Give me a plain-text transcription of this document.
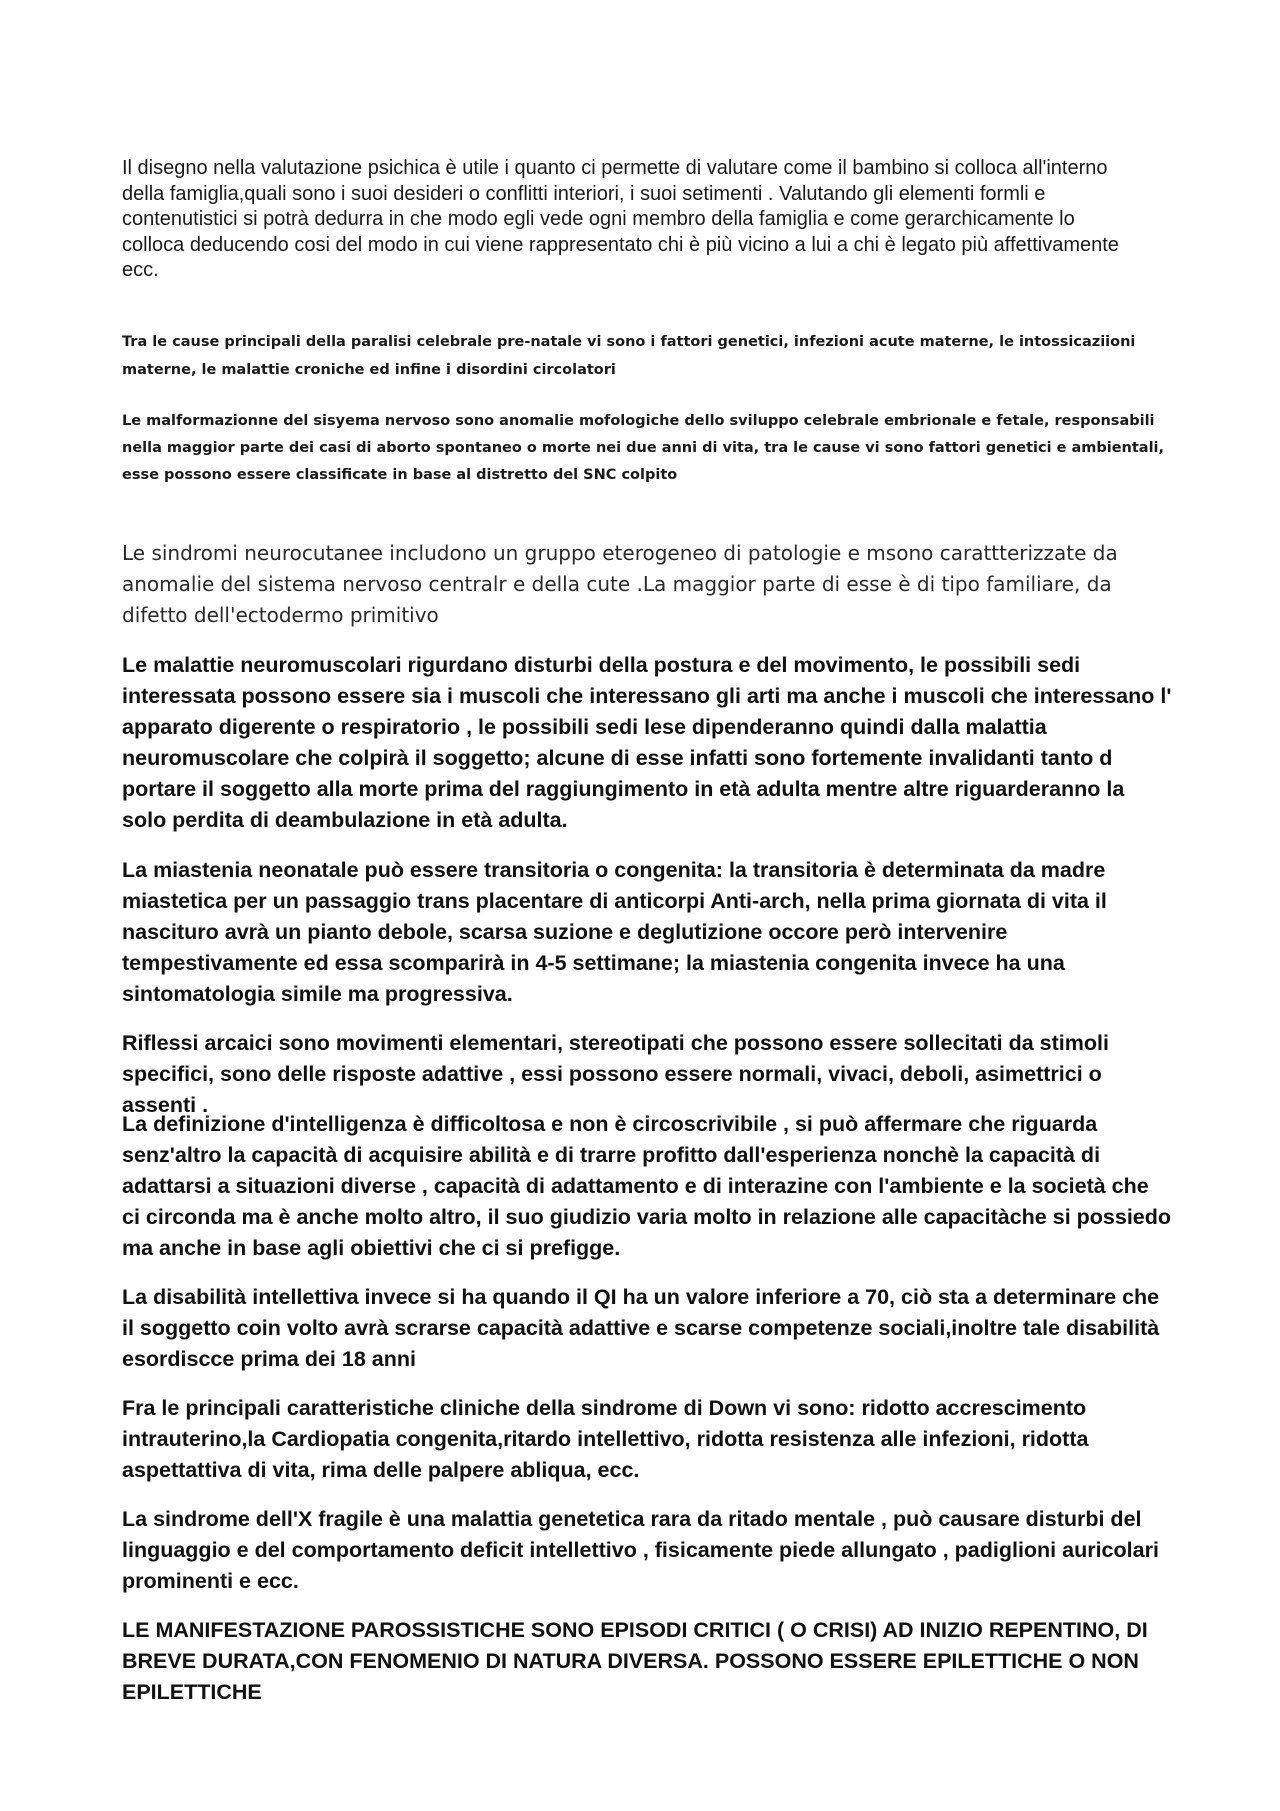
Il disegno nella valutazione psichica è utile i quanto ci permette di valutare come il bambino si colloca all'interno della famiglia,quali sono i suoi desideri o conflitti interiori, i suoi setimenti . Valutando gli elementi formli e contenutistici si potrà dedurra in che modo egli vede ogni membro della famiglia e come gerarchicamente lo colloca deducendo cosi del modo in cui viene rappresentato chi è più vicino a lui a chi è legato più affettivamente ecc.

Tra le cause principali della paralisi celebrale pre-natale vi sono i fattori genetici, infezioni acute materne, le intossicaziioni materne, le malattie croniche ed infine i disordini circolatori

Le malformazionne del sisyema nervoso sono anomalie mofologiche dello sviluppo celebrale embrionale e fetale, responsabili nella maggior parte dei casi di aborto spontaneo o morte nei due anni di vita, tra le cause vi sono fattori genetici e ambientali, esse possono essere classificate in base al distretto del SNC colpito

Le sindromi neurocutanee includono un gruppo eterogeneo di patologie e msono carattterizzate da anomalie del sistema nervoso centralr e della cute .La maggior parte di esse è di tipo familiare, da difetto dell'ectodermo primitivo

Le malattie neuromuscolari rigurdano disturbi della postura e del movimento, le possibili sedi interessata possono essere sia i muscoli che interessano gli arti ma anche i muscoli che interessano l' apparato digerente o respiratorio , le possibili sedi lese dipenderanno quindi dalla malattia neuromuscolare che colpirà il soggetto; alcune di esse infatti sono fortemente invalidanti tanto d portare il soggetto alla morte prima del raggiungimento in età adulta mentre altre riguarderanno la solo perdita di deambulazione in età adulta.

La miastenia neonatale può essere transitoria o congenita: la transitoria è determinata da madre miastetica per un passaggio trans placentare di anticorpi Anti-arch, nella prima giornata di vita il nascituro avrà un pianto debole, scarsa suzione e deglutizione occore però intervenire tempestivamente ed essa scomparirà in 4-5 settimane; la miastenia congenita invece ha una sintomatologia simile ma progressiva.

Riflessi arcaici sono movimenti elementari, stereotipati che possono essere sollecitati da stimoli specifici, sono delle risposte adattive , essi possono essere normali, vivaci, deboli, asimettrici o assenti .

La definizione d'intelligenza è difficoltosa e non è circoscrivibile , si può affermare che riguarda senz'altro la capacità di acquisire abilità e di trarre profitto dall'esperienza nonchè la capacità di adattarsi a situazioni diverse , capacità di adattamento e di interazine con l'ambiente e la società che ci circonda ma è anche molto altro, il suo giudizio varia molto in relazione alle capacitàche si possiedo ma anche in base agli obiettivi che ci si prefigge.

La disabilità intellettiva invece si ha quando il QI ha un valore inferiore a 70, ciò sta a determinare che il soggetto coin volto avrà scrarse capacità adattive e scarse competenze sociali,inoltre tale disabilità esordiscce prima dei 18 anni

Fra le principali caratteristiche cliniche della sindrome di Down vi sono: ridotto accrescimento intrauterino,la Cardiopatia congenita,ritardo intellettivo, ridotta resistenza alle infezioni, ridotta aspettattiva di vita, rima delle palpere abliqua, ecc.

La sindrome dell'X fragile è una malattia genetetica rara da ritado mentale , può causare disturbi del linguaggio e del comportamento deficit intellettivo , fisicamente piede allungato , padiglioni auricolari prominenti e ecc.

LE MANIFESTAZIONE PAROSSISTICHE SONO EPISODI CRITICI ( O CRISI) AD INIZIO REPENTINO, DI BREVE DURATA,CON FENOMENIO DI NATURA DIVERSA. POSSONO ESSERE EPILETTICHE O NON EPILETTICHE
